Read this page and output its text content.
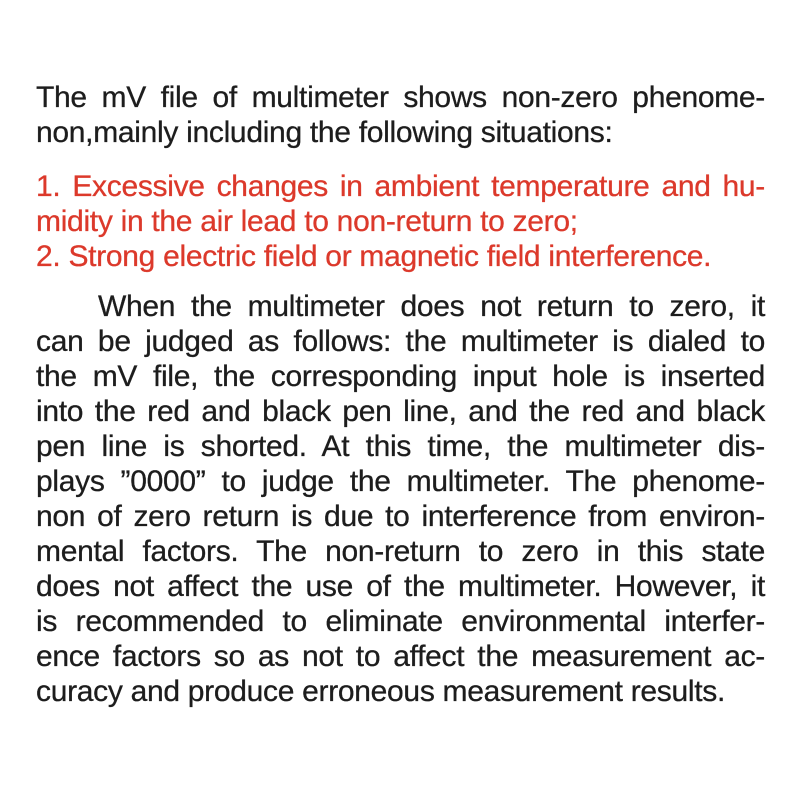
The mV file of multimeter shows non-zero phenome-
non,mainly including the following situations:
1. Excessive changes in ambient temperature and hu-
midity in the air lead to non-return to zero;
2. Strong electric field or magnetic field interference.
When the multimeter does not return to zero, it
can be judged as follows: the multimeter is dialed to
the mV file, the corresponding input hole is inserted
into the red and black pen line, and the red and black
pen line is shorted. At this time, the multimeter dis-
plays ”0000” to judge the multimeter. The phenome-
non of zero return is due to interference from environ-
mental factors. The non-return to zero in this state
does not affect the use of the multimeter. However, it
is recommended to eliminate environmental interfer-
ence factors so as not to affect the measurement ac-
curacy and produce erroneous measurement results.
